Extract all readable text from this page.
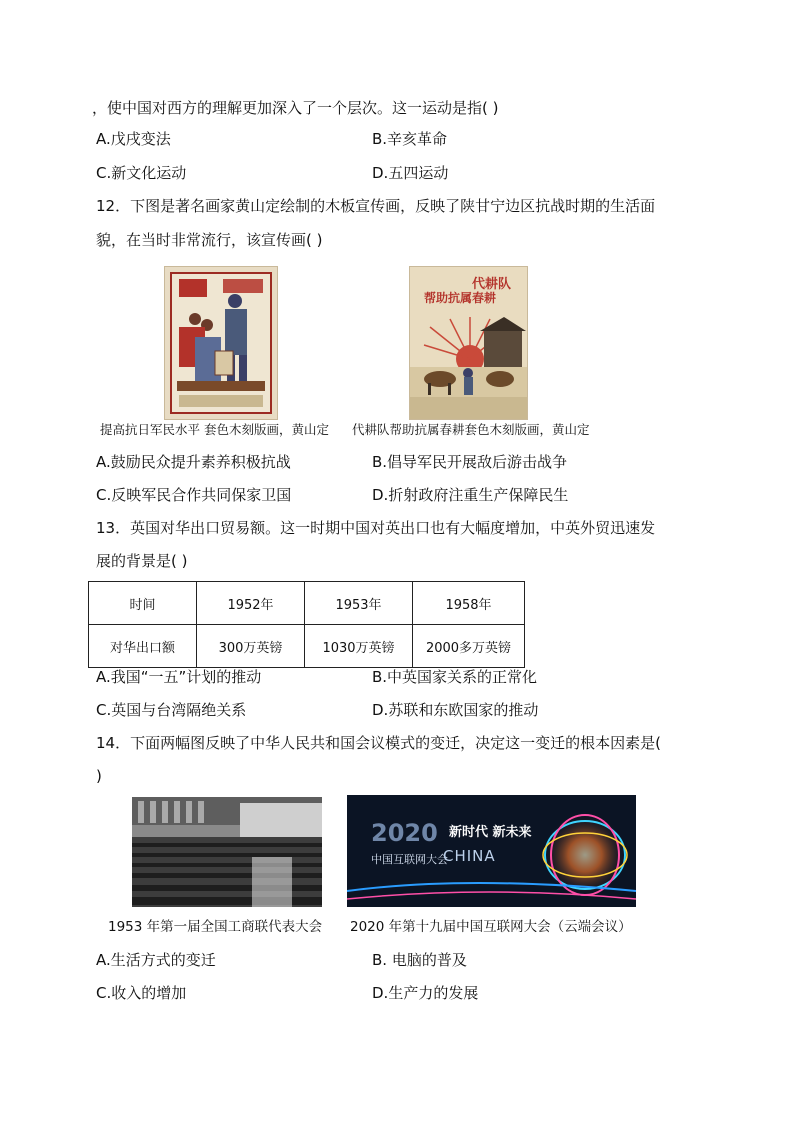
，使中国对西方的理解更加深入了一个层次。这一运动是指( )
A.戊戌变法	B.辛亥革命
C.新文化运动	D.五四运动
12．下图是著名画家黄山定绘制的木板宣传画，反映了陕甘宁边区抗战时期的生活面
貌，在当时非常流行，该宣传画( )
代耕队
帮助抗属春耕
提高抗日军民水平 套色木刻版画，黄山定 代耕队帮助抗属春耕套色木刻版画，黄山定
A.鼓励民众提升素养积极抗战	B.倡导军民开展敌后游击战争
C.反映军民合作共同保家卫国	D.折射政府注重生产保障民生
13．英国对华出口贸易额。这一时期中国对英出口也有大幅度增加，中英外贸迅速发
展的背景是( )
时间	1952年	1953年	1958年
对华出口额	300万英镑	1030万英镑	2000多万英镑
A.我国“一五”计划的推动	B.中英国家关系的正常化
C.英国与台湾隔绝关系	D.苏联和东欧国家的推动
14．下面两幅图反映了中华人民共和国会议模式的变迁，决定这一变迁的根本因素是(
)
2020
中国互联网大会
CHINA
新时代 新未来
1953 年第一届全国工商联代表大会 2020 年第十九届中国互联网大会（云端会议）
A.生活方式的变迁	B. 电脑的普及
C.收入的增加	D.生产力的发展
